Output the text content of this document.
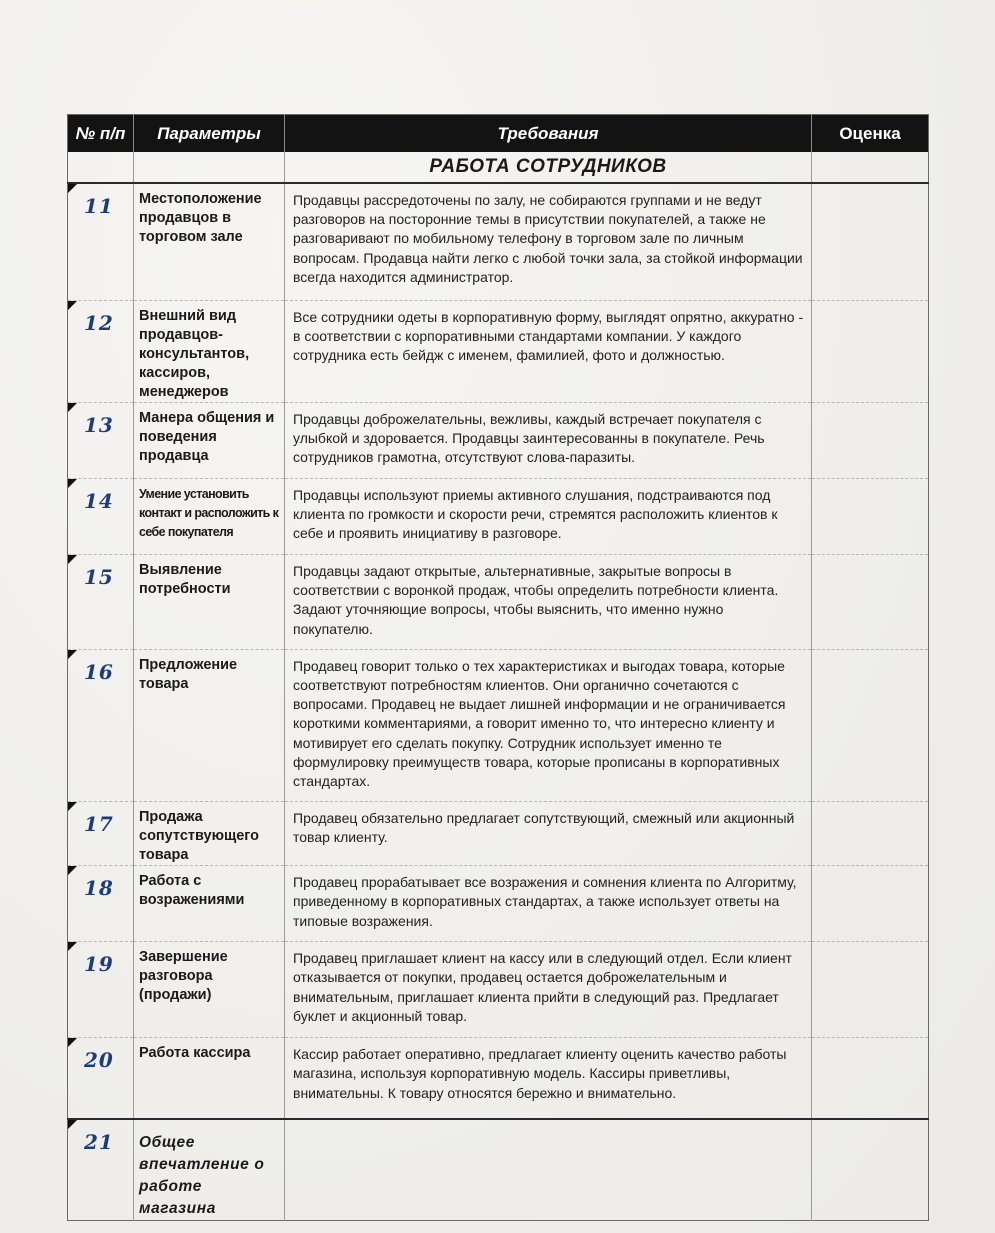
№ п/п	Параметры	Требования	Оценка
		РАБОТА СОТРУДНИКОВ	

11	Местоположение продавцов в торговом зале	Продавцы рассредоточены по залу, не собираются группами и не ведут разговоров на посторонние темы в присутствии покупателей, а также не разговаривают по мобильному телефону в торговом зале по личным вопросам. Продавца найти легко с любой точки зала, за стойкой информации всегда находится администратор.	

12	Внешний вид продавцов-консультантов, кассиров, менеджеров	Все сотрудники одеты в корпоративную форму, выглядят опрятно, аккуратно - в соответствии с корпоративными стандартами компании. У каждого сотрудника есть бейдж с именем, фамилией, фото и должностью.	

13	Манера общения и поведения продавца	Продавцы доброжелательны, вежливы, каждый встречает покупателя с улыбкой и здоровается. Продавцы заинтересованны в покупателе. Речь сотрудников грамотна, отсутствуют слова-паразиты.	

14	Умение установить контакт и расположить к себе покупателя	Продавцы используют приемы активного слушания, подстраиваются под клиента по громкости и скорости речи, стремятся расположить клиентов к себе и проявить инициативу в разговоре.	

15	Выявление потребности	Продавцы задают открытые, альтернативные, закрытые вопросы в соответствии с воронкой продаж, чтобы определить потребности клиента. Задают уточняющие вопросы, чтобы выяснить, что именно нужно покупателю.	

16	Предложение товара	Продавец говорит только о тех характеристиках и выгодах товара, которые соответствуют потребностям клиентов. Они органично сочетаются с вопросами. Продавец не выдает лишней информации и не ограничивается короткими комментариями, а говорит именно то, что интересно клиенту и мотивирует его сделать покупку. Сотрудник использует именно те формулировку преимуществ товара, которые прописаны в корпоративных стандартах.	

17	Продажа сопутствующего товара	Продавец обязательно предлагает сопутствующий, смежный или акционный товар клиенту.	

18	Работа с возражениями	Продавец прорабатывает все возражения и сомнения клиента по Алгоритму, приведенному в корпоративных стандартах, а также использует ответы на типовые возражения.	

19	Завершение разговора (продажи)	Продавец приглашает клиент на кассу или в следующий отдел. Если клиент отказывается от покупки, продавец остается доброжелательным и внимательным, приглашает клиента прийти в следующий раз. Предлагает буклет и акционный товар.	

20	Работа кассира	Кассир работает оперативно, предлагает клиенту оценить качество работы магазина, используя корпоративную модель. Кассиры приветливы, внимательны. К товару относятся бережно и внимательно.	

21	Общее впечатление о работе магазина		
